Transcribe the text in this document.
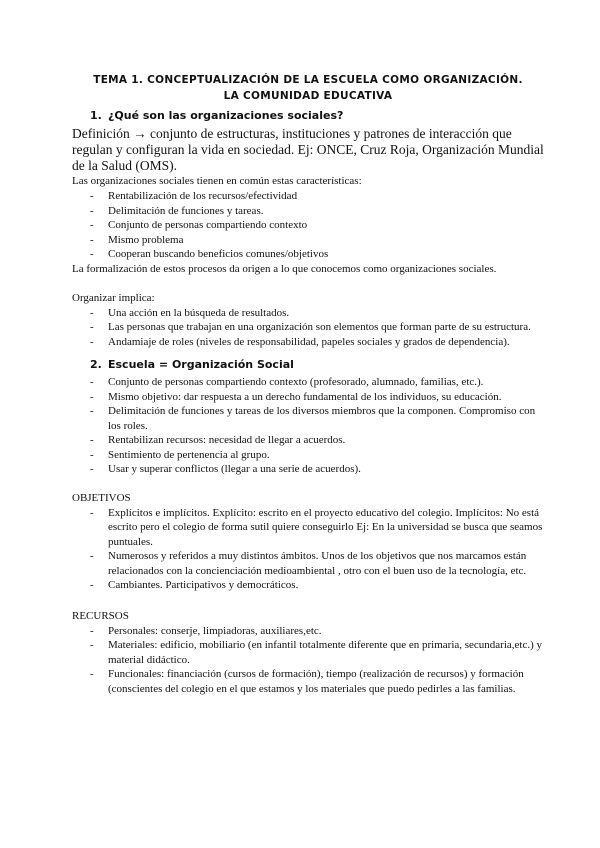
TEMA 1. CONCEPTUALIZACIÓN DE LA ESCUELA COMO ORGANIZACIÓN.

LA COMUNIDAD EDUCATIVA

1. ¿Qué son las organizaciones sociales?

Definición → conjunto de estructuras, instituciones y patrones de interacción que regulan y configuran la vida en sociedad. Ej: ONCE, Cruz Roja, Organización Mundial de la Salud (OMS).

Las organizaciones sociales tienen en común estas características:

- Rentabilización de los recursos/efectividad
- Delimitación de funciones y tareas.
- Conjunto de personas compartiendo contexto
- Mismo problema
- Cooperan buscando beneficios comunes/objetivos

La formalización de estos procesos da origen a lo que conocemos como organizaciones sociales.

Organizar implica:

- Una acción en la búsqueda de resultados.
- Las personas que trabajan en una organización son elementos que forman parte de su estructura.
- Andamiaje de roles (niveles de responsabilidad, papeles sociales y grados de dependencia).
2. Escuela = Organización Social
- Conjunto de personas compartiendo contexto (profesorado, alumnado, familias, etc.).
- Mismo objetivo: dar respuesta a un derecho fundamental de los individuos, su educación.
- Delimitación de funciones y tareas de los diversos miembros que la componen. Compromiso con los roles.
- Rentabilizan recursos: necesidad de llegar a acuerdos.
- Sentimiento de pertenencia al grupo.
- Usar y superar conflictos (llegar a una serie de acuerdos).

OBJETIVOS

- Explícitos e implícitos. Explícito: escrito en el proyecto educativo del colegio. Implícitos: No está escrito pero el colegio de forma sutil quiere conseguirlo Ej: En la universidad se busca que seamos puntuales.
- Numerosos y referidos a muy distintos ámbitos. Unos de los objetivos que nos marcamos están relacionados con la concienciación medioambiental , otro con el buen uso de la tecnología, etc.
- Cambiantes. Participativos y democráticos.

RECURSOS

- Personales: conserje, limpiadoras, auxiliares,etc.
- Materiales: edificio, mobiliario (en infantil totalmente diferente que en primaria, secundaria,etc.) y material didáctico.
- Funcionales: financiación (cursos de formación), tiempo (realización de recursos) y formación (conscientes del colegio en el que estamos y los materiales que puedo pedirles a las familias.
